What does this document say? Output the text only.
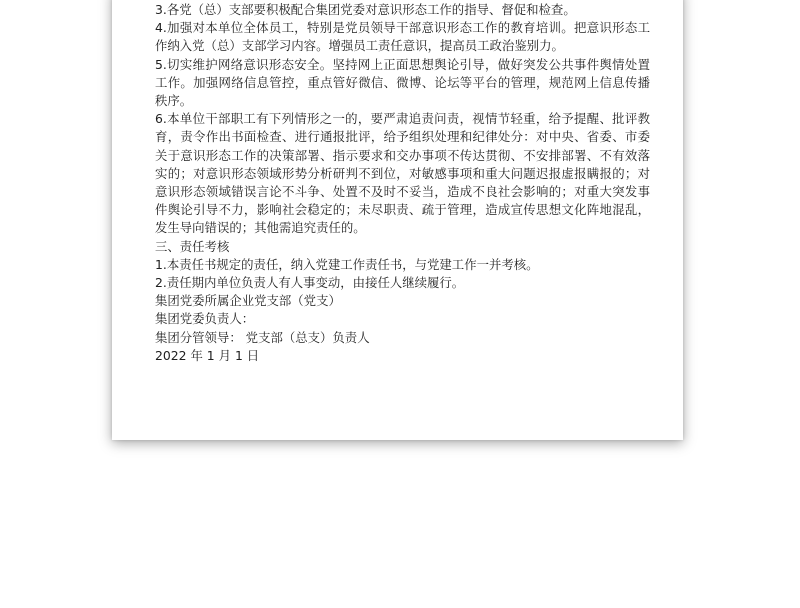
3.各党（总）支部要积极配合集团党委对意识形态工作的指导、督促和检查。

4.加强对本单位全体员工，特别是党员领导干部意识形态工作的教育培训。把意识形态工作纳入党（总）支部学习内容。增强员工责任意识，提高员工政治鉴别力。

5.切实维护网络意识形态安全。坚持网上正面思想舆论引导，做好突发公共事件舆情处置工作。加强网络信息管控，重点管好微信、微博、论坛等平台的管理，规范网上信息传播秩序。

6.本单位干部职工有下列情形之一的，要严肃追责问责，视情节轻重，给予提醒、批评教育，责令作出书面检查、进行通报批评，给予组织处理和纪律处分：对中央、省委、市委关于意识形态工作的决策部署、指示要求和交办事项不传达贯彻、不安排部署、不有效落实的；对意识形态领域形势分析研判不到位，对敏感事项和重大问题迟报虚报瞒报的；对意识形态领域错误言论不斗争、处置不及时不妥当，造成不良社会影响的；对重大突发事件舆论引导不力，影响社会稳定的；未尽职责、疏于管理，造成宣传思想文化阵地混乱，发生导向错误的；其他需追究责任的。

三、责任考核

1.本责任书规定的责任，纳入党建工作责任书，与党建工作一并考核。

2.责任期内单位负责人有人事变动，由接任人继续履行。

集团党委所属企业党支部（党支）

集团党委负责人：

集团分管领导： 党支部（总支）负责人

2022 年 1 月 1 日
